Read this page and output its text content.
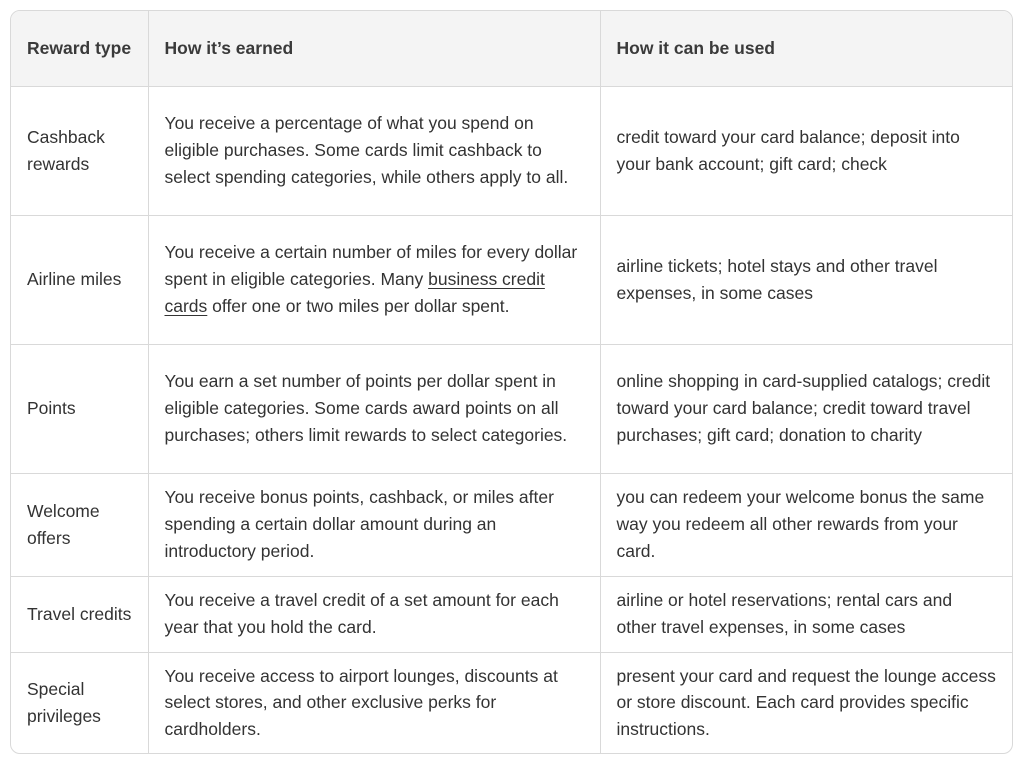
Reward type	How it’s earned	How it can be used
Cashback rewards	You receive a percentage of what you spend on eligible purchases. Some cards limit cashback to select spending categories, while others apply to all.	credit toward your card balance; deposit into your bank account; gift card; check
Airline miles	You receive a certain number of miles for every dollar spent in eligible categories. Many business credit cards offer one or two miles per dollar spent.	airline tickets; hotel stays and other travel expenses, in some cases
Points	You earn a set number of points per dollar spent in eligible categories. Some cards award points on all purchases; others limit rewards to select categories.	online shopping in card-supplied catalogs; credit toward your card balance; credit toward travel purchases; gift card; donation to charity
Welcome offers	You receive bonus points, cashback, or miles after spending a certain dollar amount during an introductory period.	you can redeem your welcome bonus the same way you redeem all other rewards from your card.
Travel credits	You receive a travel credit of a set amount for each year that you hold the card.	airline or hotel reservations; rental cars and other travel expenses, in some cases
Special privileges	You receive access to airport lounges, discounts at select stores, and other exclusive perks for cardholders.	present your card and request the lounge access or store discount. Each card provides specific instructions.
